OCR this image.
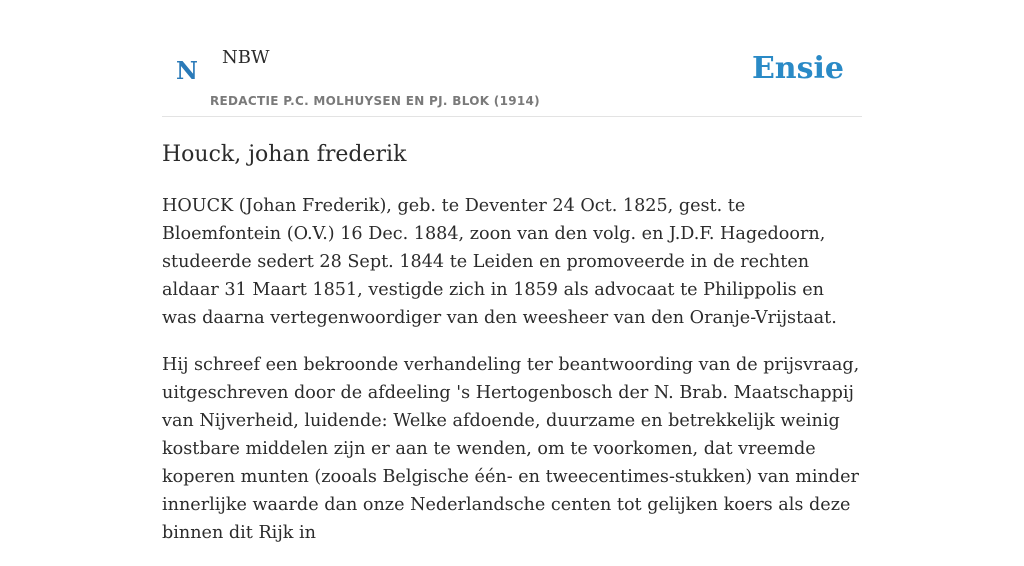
N NBW
REDACTIE P.C. MOLHUYSEN EN PJ. BLOK (1914)
Ensie
Houck, johan frederik

HOUCK (Johan Frederik), geb. te Deventer 24 Oct. 1825, gest. te Bloemfontein (O.V.) 16 Dec. 1884, zoon van den volg. en J.D.F. Hagedoorn, studeerde sedert 28 Sept. 1844 te Leiden en promoveerde in de rechten aldaar 31 Maart 1851, vestigde zich in 1859 als advocaat te Philippolis en was daarna vertegenwoordiger van den weesheer van den Oranje-Vrijstaat.

Hij schreef een bekroonde verhandeling ter beantwoording van de prijsvraag, uitgeschreven door de afdeeling 's Hertogenbosch der N. Brab. Maatschappij van Nijverheid, luidende: Welke afdoende, duurzame en betrekkelijk weinig kostbare middelen zijn er aan te wenden, om te voorkomen, dat vreemde koperen munten (zooals Belgische één- en tweecentimes-stukken) van minder innerlijke waarde dan onze Nederlandsche centen tot gelijken koers als deze binnen dit Rijk in
